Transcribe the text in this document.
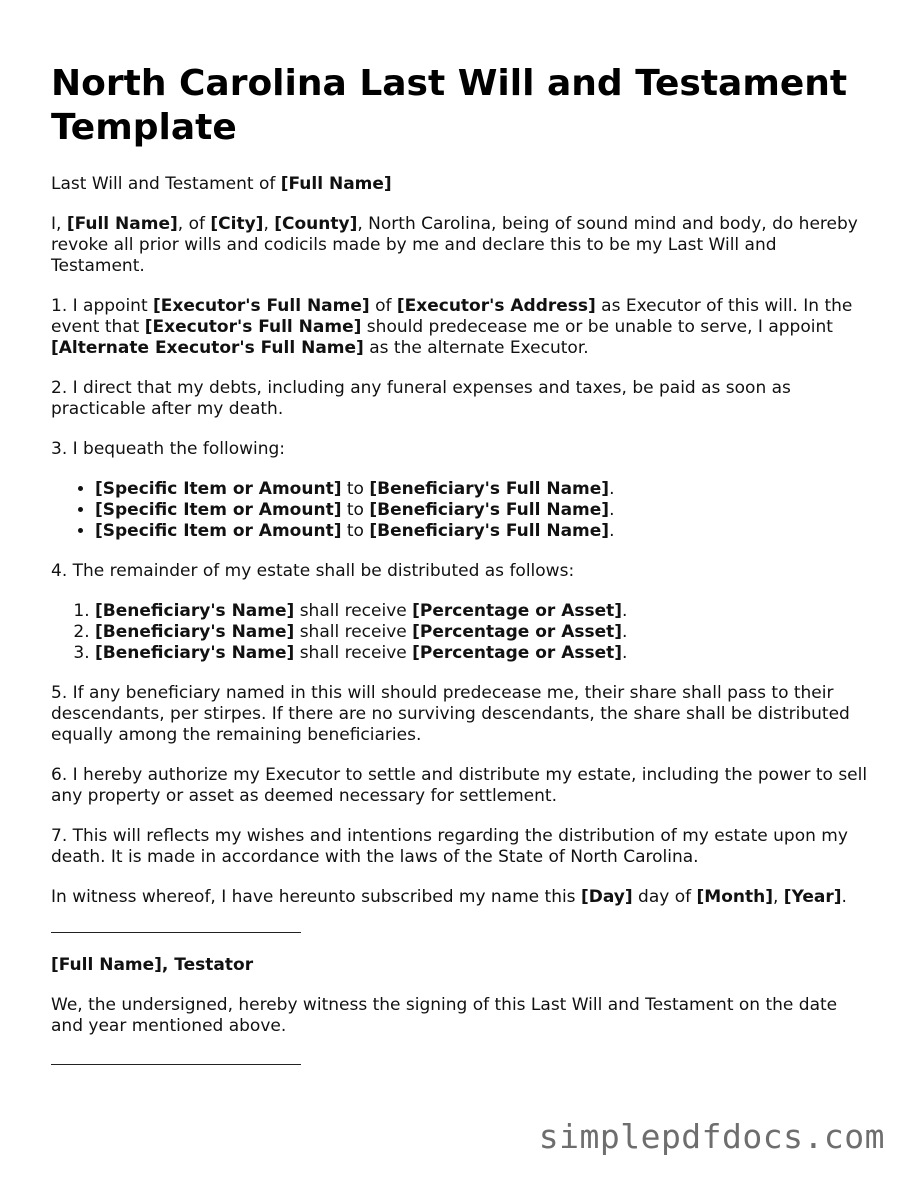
North Carolina Last Will and Testament Template

Last Will and Testament of [Full Name]

I, [Full Name], of [City], [County], North Carolina, being of sound mind and body, do hereby revoke all prior wills and codicils made by me and declare this to be my Last Will and Testament.

1. I appoint [Executor's Full Name] of [Executor's Address] as Executor of this will. In the event that [Executor's Full Name] should predecease me or be unable to serve, I appoint [Alternate Executor's Full Name] as the alternate Executor.

2. I direct that my debts, including any funeral expenses and taxes, be paid as soon as practicable after my death.

3. I bequeath the following:

• [Specific Item or Amount] to [Beneficiary's Full Name].
• [Specific Item or Amount] to [Beneficiary's Full Name].
• [Specific Item or Amount] to [Beneficiary's Full Name].

4. The remainder of my estate shall be distributed as follows:

1. [Beneficiary's Name] shall receive [Percentage or Asset].
2. [Beneficiary's Name] shall receive [Percentage or Asset].
3. [Beneficiary's Name] shall receive [Percentage or Asset].

5. If any beneficiary named in this will should predecease me, their share shall pass to their descendants, per stirpes. If there are no surviving descendants, the share shall be distributed equally among the remaining beneficiaries.

6. I hereby authorize my Executor to settle and distribute my estate, including the power to sell any property or asset as deemed necessary for settlement.

7. This will reflects my wishes and intentions regarding the distribution of my estate upon my death. It is made in accordance with the laws of the State of North Carolina.

In witness whereof, I have hereunto subscribed my name this [Day] day of [Month], [Year].

[Full Name], Testator

We, the undersigned, hereby witness the signing of this Last Will and Testament on the date and year mentioned above.

simplepdfdocs.com
